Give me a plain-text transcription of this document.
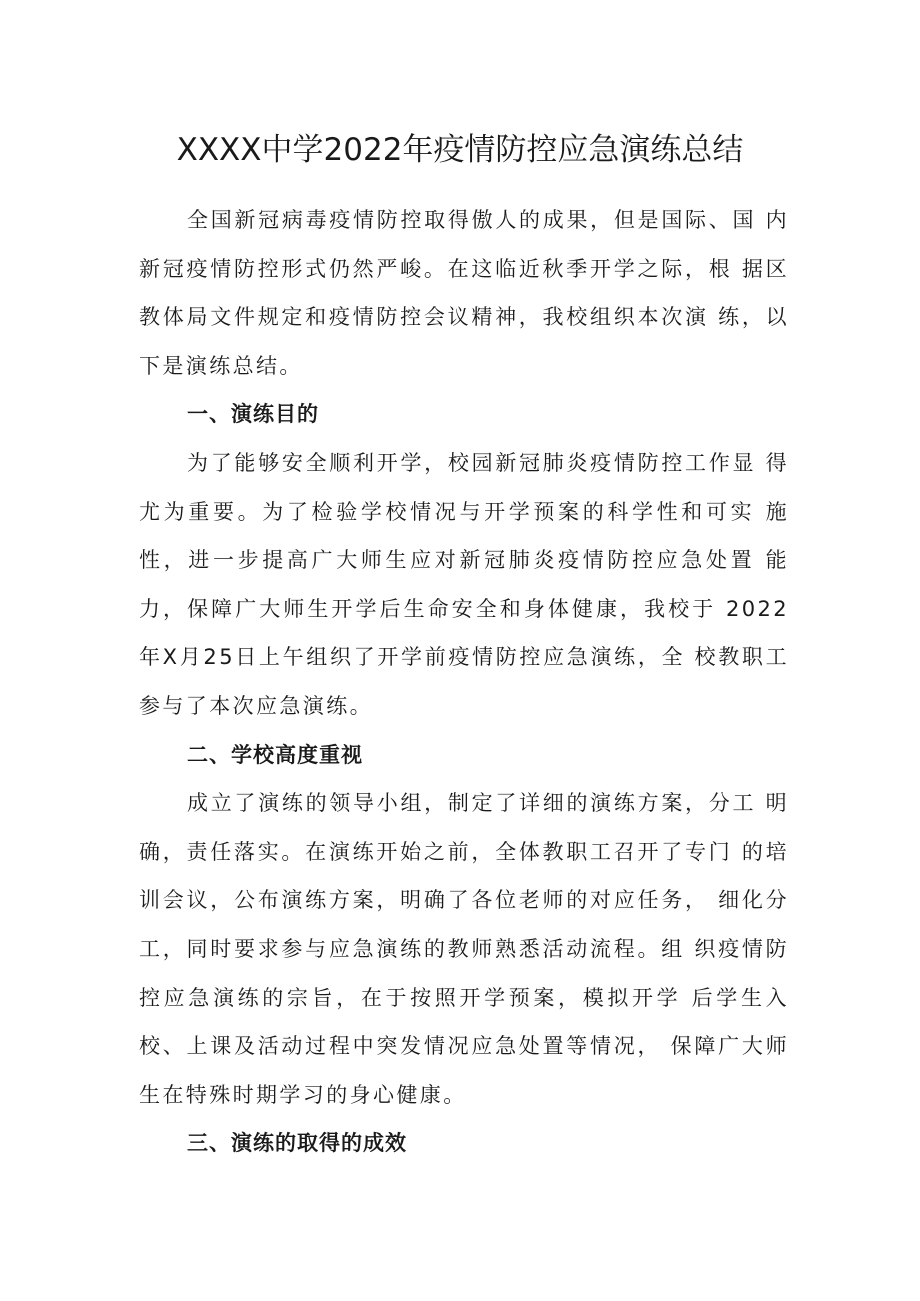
XXXX中学2022年疫情防控应急演练总结

全国新冠病毒疫情防控取得傲人的成果，但是国际、国 内新冠疫情防控形式仍然严峻。在这临近秋季开学之际，根 据区教体局文件规定和疫情防控会议精神，我校组织本次演 练，以下是演练总结。

一、演练目的

为了能够安全顺利开学，校园新冠肺炎疫情防控工作显 得尤为重要。为了检验学校情况与开学预案的科学性和可实 施性，进一步提高广大师生应对新冠肺炎疫情防控应急处置 能力，保障广大师生开学后生命安全和身体健康，我校于 2022年X月25日上午组织了开学前疫情防控应急演练，全 校教职工参与了本次应急演练。

二、学校高度重视

成立了演练的领导小组，制定了详细的演练方案，分工 明确，责任落实。在演练开始之前，全体教职工召开了专门 的培训会议，公布演练方案，明确了各位老师的对应任务， 细化分工，同时要求参与应急演练的教师熟悉活动流程。组 织疫情防控应急演练的宗旨，在于按照开学预案，模拟开学 后学生入校、上课及活动过程中突发情况应急处置等情况， 保障广大师生在特殊时期学习的身心健康。

三、演练的取得的成效
